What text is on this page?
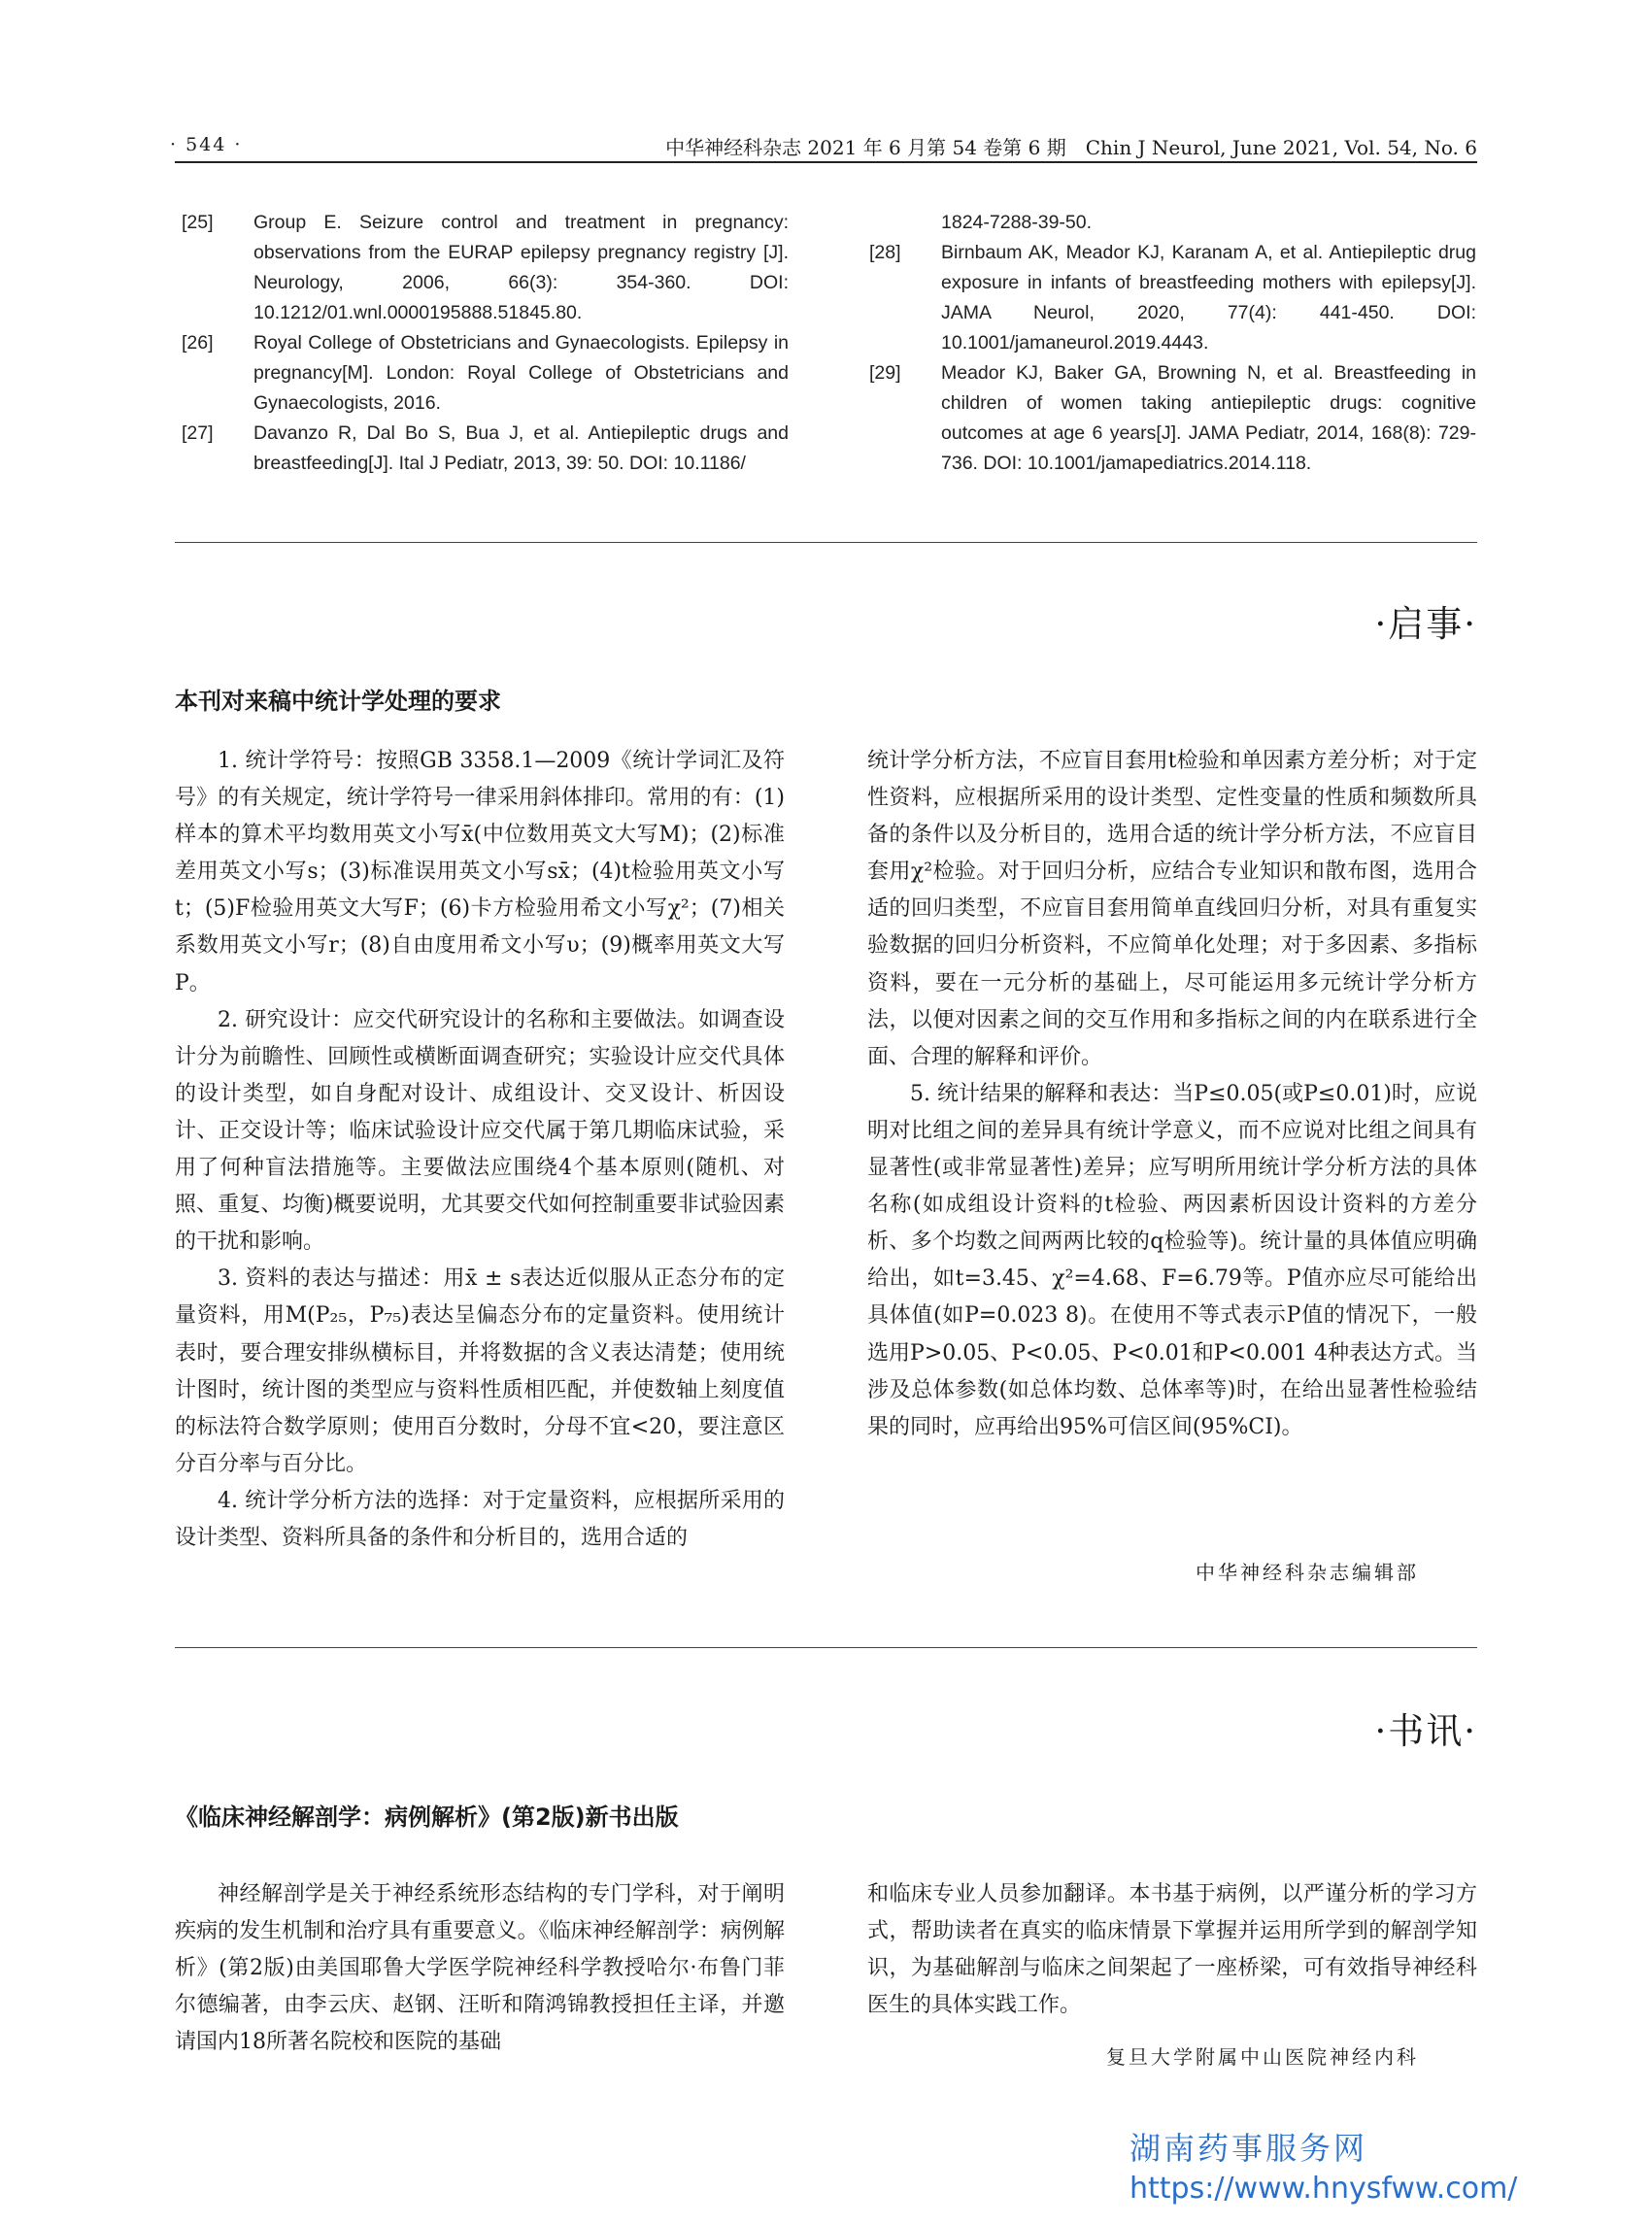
· 544 ·	中华神经科杂志 2021 年 6 月第 54 卷第 6 期　Chin J Neurol, June 2021, Vol. 54, No. 6
[25]	Group E. Seizure control and treatment in pregnancy: observations from the EURAP epilepsy pregnancy registry [J]. Neurology, 2006, 66(3): 354-360. DOI: 10.1212/01.wnl.0000195888.51845.80.
[26]	Royal College of Obstetricians and Gynaecologists. Epilepsy in pregnancy[M]. London: Royal College of Obstetricians and Gynaecologists, 2016.
[27]	Davanzo R, Dal Bo S, Bua J, et al. Antiepileptic drugs and breastfeeding[J]. Ital J Pediatr, 2013, 39: 50. DOI: 10.1186/
1824-7288-39-50.
[28]	Birnbaum AK, Meador KJ, Karanam A, et al. Antiepileptic drug exposure in infants of breastfeeding mothers with epilepsy[J]. JAMA Neurol, 2020, 77(4): 441-450. DOI: 10.1001/jamaneurol.2019.4443.
[29]	Meador KJ, Baker GA, Browning N, et al. Breastfeeding in children of women taking antiepileptic drugs: cognitive outcomes at age 6 years[J]. JAMA Pediatr, 2014, 168(8): 729-736. DOI: 10.1001/jamapediatrics.2014.118.
·启事·
本刊对来稿中统计学处理的要求

1. 统计学符号：按照GB 3358.1—2009《统计学词汇及符号》的有关规定，统计学符号一律采用斜体排印。常用的有：(1)样本的算术平均数用英文小写x̄(中位数用英文大写M)；(2)标准差用英文小写s；(3)标准误用英文小写sx̄；(4)t检验用英文小写t；(5)F检验用英文大写F；(6)卡方检验用希文小写χ²；(7)相关系数用英文小写r；(8)自由度用希文小写υ；(9)概率用英文大写P。

2. 研究设计：应交代研究设计的名称和主要做法。如调查设计分为前瞻性、回顾性或横断面调查研究；实验设计应交代具体的设计类型，如自身配对设计、成组设计、交叉设计、析因设计、正交设计等；临床试验设计应交代属于第几期临床试验，采用了何种盲法措施等。主要做法应围绕4个基本原则(随机、对照、重复、均衡)概要说明，尤其要交代如何控制重要非试验因素的干扰和影响。

3. 资料的表达与描述：用x̄ ± s表达近似服从正态分布的定量资料，用M(P₂₅，P₇₅)表达呈偏态分布的定量资料。使用统计表时，要合理安排纵横标目，并将数据的含义表达清楚；使用统计图时，统计图的类型应与资料性质相匹配，并使数轴上刻度值的标法符合数学原则；使用百分数时，分母不宜<20，要注意区分百分率与百分比。

4. 统计学分析方法的选择：对于定量资料，应根据所采用的设计类型、资料所具备的条件和分析目的，选用合适的

统计学分析方法，不应盲目套用t检验和单因素方差分析；对于定性资料，应根据所采用的设计类型、定性变量的性质和频数所具备的条件以及分析目的，选用合适的统计学分析方法，不应盲目套用χ²检验。对于回归分析，应结合专业知识和散布图，选用合适的回归类型，不应盲目套用简单直线回归分析，对具有重复实验数据的回归分析资料，不应简单化处理；对于多因素、多指标资料，要在一元分析的基础上，尽可能运用多元统计学分析方法，以便对因素之间的交互作用和多指标之间的内在联系进行全面、合理的解释和评价。

5. 统计结果的解释和表达：当P≤0.05(或P≤0.01)时，应说明对比组之间的差异具有统计学意义，而不应说对比组之间具有显著性(或非常显著性)差异；应写明所用统计学分析方法的具体名称(如成组设计资料的t检验、两因素析因设计资料的方差分析、多个均数之间两两比较的q检验等)。统计量的具体值应明确给出，如t=3.45、χ²=4.68、F=6.79等。P值亦应尽可能给出具体值(如P=0.023 8)。在使用不等式表示P值的情况下，一般选用P>0.05、P<0.05、P<0.01和P<0.001 4种表达方式。当涉及总体参数(如总体均数、总体率等)时，在给出显著性检验结果的同时，应再给出95%可信区间(95%CI)。

中华神经科杂志编辑部
·书讯·
《临床神经解剖学：病例解析》(第2版)新书出版

神经解剖学是关于神经系统形态结构的专门学科，对于阐明疾病的发生机制和治疗具有重要意义。《临床神经解剖学：病例解析》(第2版)由美国耶鲁大学医学院神经科学教授哈尔·布鲁门菲尔德编著，由李云庆、赵钢、汪昕和隋鸿锦教授担任主译，并邀请国内18所著名院校和医院的基础

和临床专业人员参加翻译。本书基于病例，以严谨分析的学习方式，帮助读者在真实的临床情景下掌握并运用所学到的解剖学知识，为基础解剖与临床之间架起了一座桥梁，可有效指导神经科医生的具体实践工作。

复旦大学附属中山医院神经内科
湖南药事服务网
https://www.hnysfww.com/
